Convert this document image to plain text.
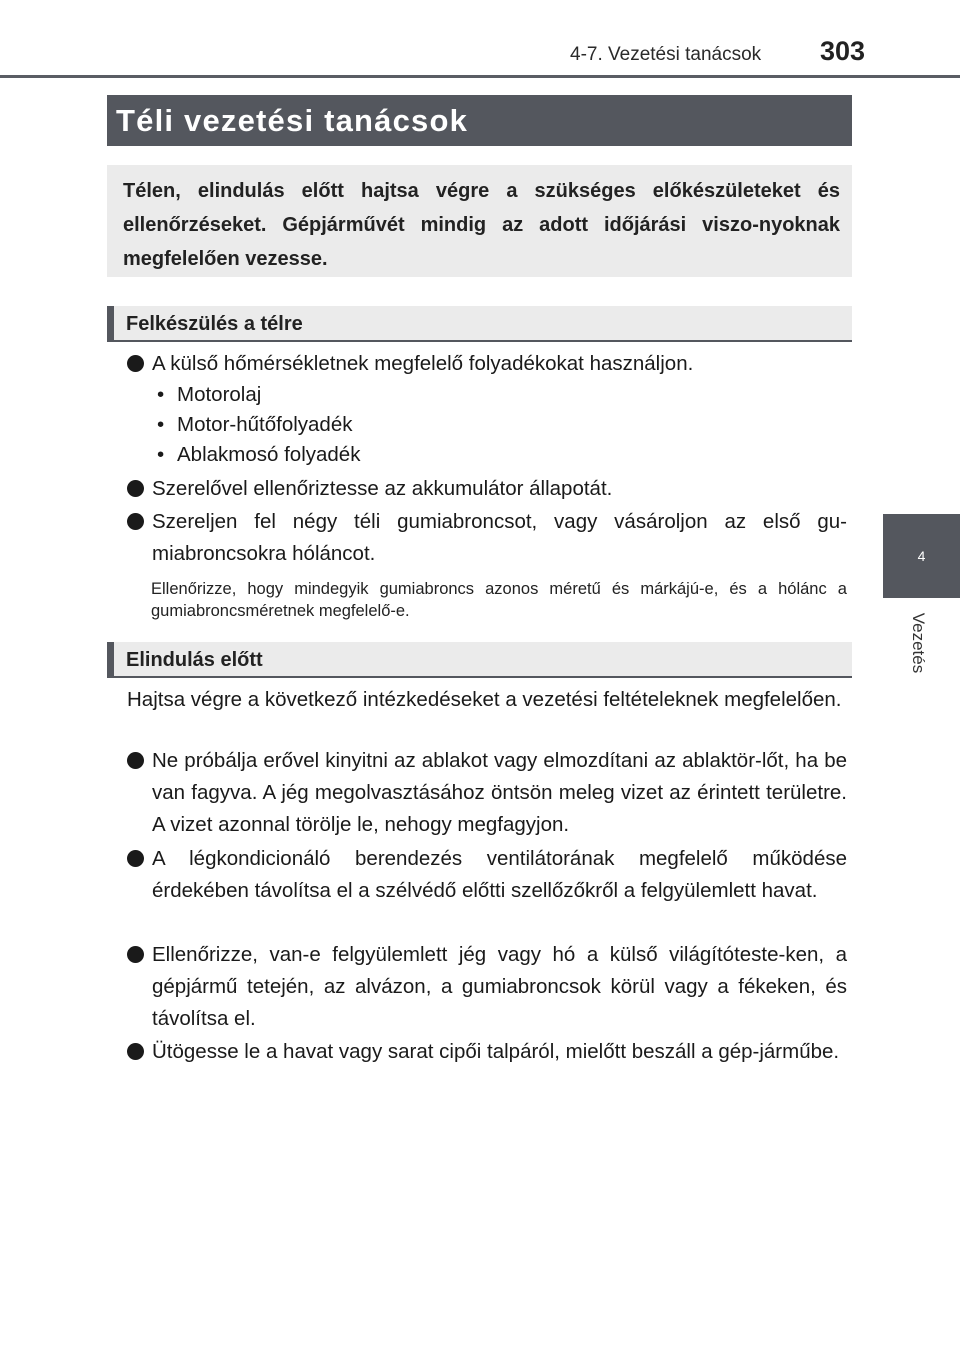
4-7. Vezetési tanácsok 303
4
Vezetés
Téli vezetési tanácsok
Télen, elindulás előtt hajtsa végre a szükséges előkészületeket és ellenőrzéseket. Gépjárművét mindig az adott időjárási viszo-nyoknak megfelelően vezesse.
Felkészülés a télre
A külső hőmérsékletnek megfelelő folyadékokat használjon.
• Motorolaj
• Motor-hűtőfolyadék
• Ablakmosó folyadék
Szerelővel ellenőriztesse az akkumulátor állapotát.
Szereljen fel négy téli gumiabroncsot, vagy vásároljon az első gu-miabroncsokra hóláncot.
Ellenőrizze, hogy mindegyik gumiabroncs azonos méretű és márkájú-e, és a hólánc a gumiabroncsméretnek megfelelő-e.
Elindulás előtt

Hajtsa végre a következő intézkedéseket a vezetési feltételeknek megfelelően.

Ne próbálja erővel kinyitni az ablakot vagy elmozdítani az ablaktör-lőt, ha be van fagyva. A jég megolvasztásához öntsön meleg vizet az érintett területre. A vizet azonnal törölje le, nehogy megfagyjon.
A légkondicionáló berendezés ventilátorának megfelelő működése érdekében távolítsa el a szélvédő előtti szellőzőkről a felgyülemlett havat.
Ellenőrizze, van-e felgyülemlett jég vagy hó a külső világítóteste-ken, a gépjármű tetején, az alvázon, a gumiabroncsok körül vagy a fékeken, és távolítsa el.
Ütögesse le a havat vagy sarat cipői talpáról, mielőtt beszáll a gép-járműbe.
